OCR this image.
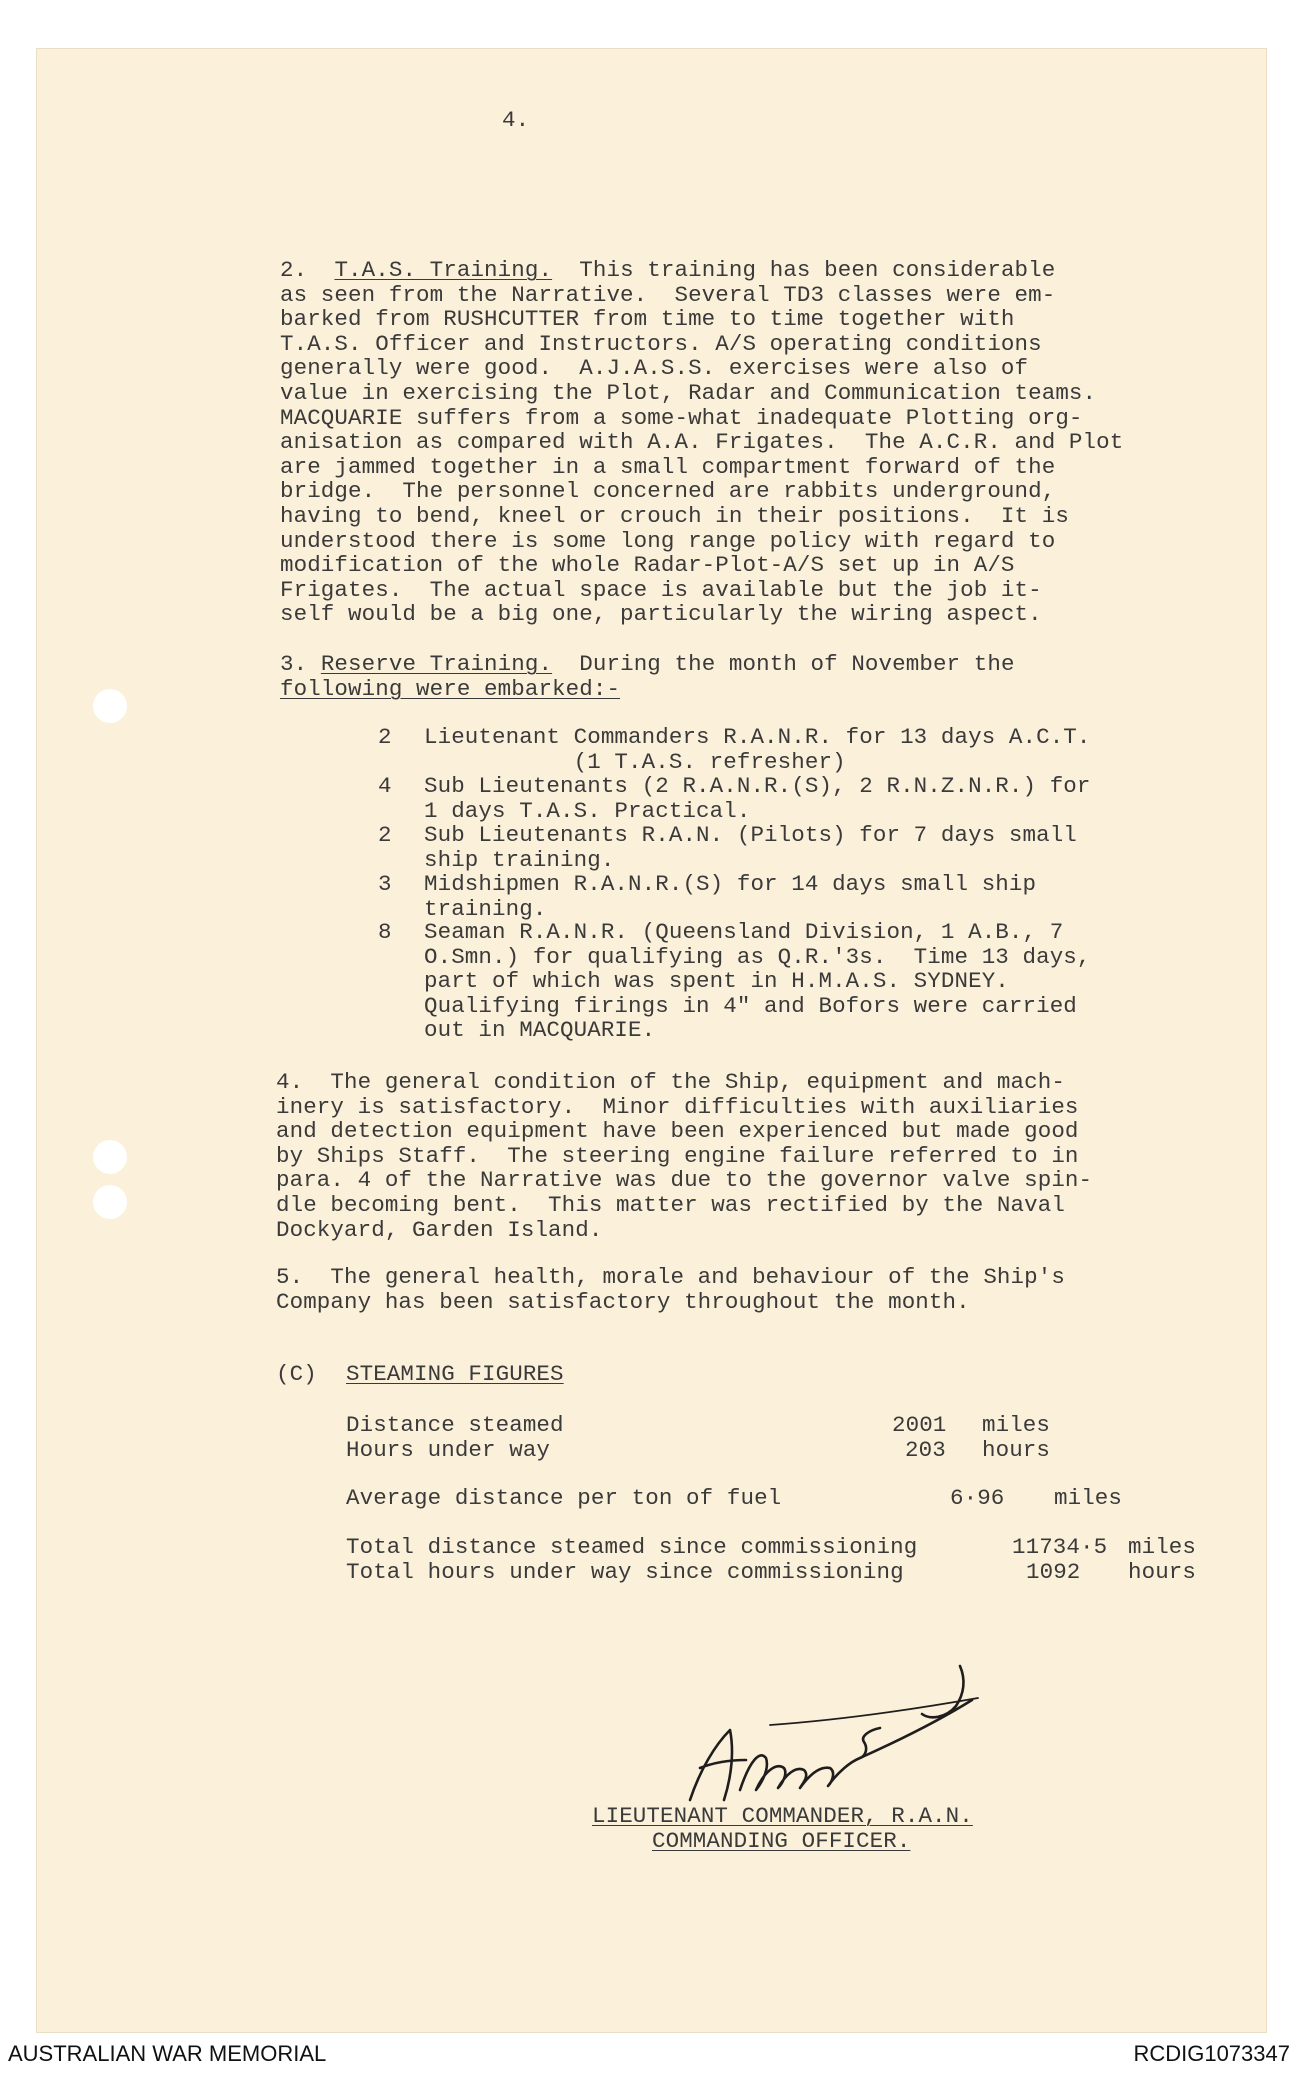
4.
2. T.A.S. Training.  This training has been considerable
as seen from the Narrative.  Several TD3 classes were em-
barked from RUSHCUTTER from time to time together with
T.A.S. Officer and Instructors. A/S operating conditions
generally were good.  A.J.A.S.S. exercises were also of
value in exercising the Plot, Radar and Communication teams.
MACQUARIE suffers from a some-what inadequate Plotting org-
anisation as compared with A.A. Frigates.  The A.C.R. and Plot
are jammed together in a small compartment forward of the
bridge.  The personnel concerned are rabbits underground,
having to bend, kneel or crouch in their positions.  It is
understood there is some long range policy with regard to
modification of the whole Radar-Plot-A/S set up in A/S
Frigates.  The actual space is available but the job it-
self would be a big one, particularly the wiring aspect.
3. Reserve Training.  During the month of November the
following were embarked:-
2 Lieutenant Commanders R.A.N.R. for 13 days A.C.T.
(1 T.A.S. refresher)
4 Sub Lieutenants (2 R.A.N.R.(S), 2 R.N.Z.N.R.) for
1 days T.A.S. Practical.
2 Sub Lieutenants R.A.N. (Pilots) for 7 days small
ship training.
3 Midshipmen R.A.N.R.(S) for 14 days small ship
training.
8 Seaman R.A.N.R. (Queensland Division, 1 A.B., 7
O.Smn.) for qualifying as Q.R.'3s.  Time 13 days,
part of which was spent in H.M.A.S. SYDNEY.
Qualifying firings in 4" and Bofors were carried
out in MACQUARIE.
4.  The general condition of the Ship, equipment and mach-
inery is satisfactory.  Minor difficulties with auxiliaries
and detection equipment have been experienced but made good
by Ships Staff.  The steering engine failure referred to in
para. 4 of the Narrative was due to the governor valve spin-
dle becoming bent.  This matter was rectified by the Naval
Dockyard, Garden Island.
5.  The general health, morale and behaviour of the Ship's
Company has been satisfactory throughout the month.
(C) STEAMING FIGURES
Distance steamed	2001 miles
Hours under way	203 hours
Average distance per ton of fuel	6·96 miles
Total distance steamed since commissioning	11734·5 miles
Total hours under way since commissioning	1092 hours
LIEUTENANT COMMANDER, R.A.N.
COMMANDING OFFICER.
AUSTRALIAN WAR MEMORIAL	RCDIG1073347
